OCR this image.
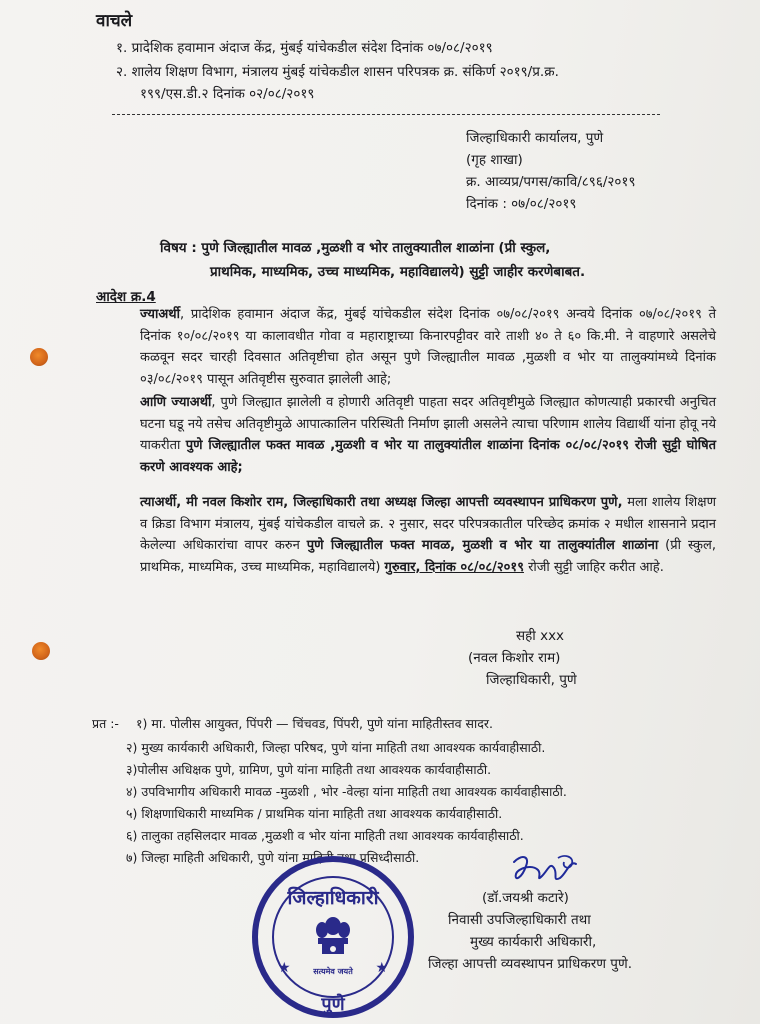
वाचले
१. प्रादेशिक हवामान अंदाज केंद्र, मुंबई यांचेकडील संदेश दिनांक ०७/०८/२०१९
२. शालेय शिक्षण विभाग, मंत्रालय मुंबई यांचेकडील शासन परिपत्रक क्र. संकिर्ण २०१९/प्र.क्र.
१९९/एस.डी.२ दिनांक ०२/०८/२०१९
जिल्हाधिकारी कार्यालय, पुणे
(गृह शाखा)
क्र. आव्यप्र/पगस/कावि/८९६/२०१९
दिनांक : ०७/०८/२०१९
विषय : पुणे जिल्ह्यातील मावळ ,मुळशी व भोर तालुक्यातील शाळांना (प्री स्कुल,
प्राथमिक, माध्यमिक, उच्च माध्यमिक, महाविद्यालये) सुट्टी जाहीर करणेबाबत.
आदेश क्र.4
ज्याअर्थी, प्रादेशिक हवामान अंदाज केंद्र, मुंबई यांचेकडील संदेश दिनांक ०७/०८/२०१९ अन्वये दिनांक ०७/०८/२०१९ ते दिनांक १०/०८/२०१९ या कालावधीत गोवा व महाराष्ट्राच्या किनारपट्टीवर वारे ताशी ४० ते ६० कि.मी. ने वाहणारे असलेचे कळवून सदर चारही दिवसात अतिवृष्टीचा होत असून पुणे जिल्ह्यातील मावळ ,मुळशी व भोर या तालुक्यांमध्ये दिनांक ०३/०८/२०१९ पासून अतिवृष्टीस सुरुवात झालेली आहे;
आणि ज्याअर्थी, पुणे जिल्ह्यात झालेली व होणारी अतिवृष्टी पाहता सदर अतिवृष्टीमुळे जिल्ह्यात कोणत्याही प्रकारची अनुचित घटना घडू नये तसेच अतिवृष्टीमुळे आपात्कालिन परिस्थिती निर्माण झाली असलेने त्याचा परिणाम शालेय विद्यार्थी यांना होवू नये याकरीता पुणे जिल्ह्यातील फक्त मावळ ,मुळशी व भोर या तालुक्यांतील शाळांना दिनांक ०८/०८/२०१९ रोजी सुट्टी घोषित करणे आवश्यक आहे;
त्याअर्थी, मी नवल किशोर राम, जिल्हाधिकारी तथा अध्यक्ष जिल्हा आपत्ती व्यवस्थापन प्राधिकरण पुणे, मला शालेय शिक्षण व क्रिडा विभाग मंत्रालय, मुंबई यांचेकडील वाचले क्र. २ नुसार, सदर परिपत्रकातील परिच्छेद क्रमांक २ मधील शासनाने प्रदान केलेल्या अधिकारांचा वापर करुन पुणे जिल्ह्यातील फक्त मावळ, मुळशी व भोर या तालुक्यांतील शाळांना (प्री स्कुल, प्राथमिक, माध्यमिक, उच्च माध्यमिक, महाविद्यालये) गुरुवार, दिनांक ०८/०८/२०१९ रोजी सुट्टी जाहिर करीत आहे.
सही xxx
(नवल किशोर राम)
जिल्हाधिकारी, पुणे
प्रत :- १) मा. पोलीस आयुक्त, पिंपरी — चिंचवड, पिंपरी, पुणे यांना माहितीस्तव सादर.
२) मुख्य कार्यकारी अधिकारी, जिल्हा परिषद, पुणे यांना माहिती तथा आवश्यक कार्यवाहीसाठी.
३)पोलीस अधिक्षक पुणे, ग्रामिण, पुणे यांना माहिती तथा आवश्यक कार्यवाहीसाठी.
४) उपविभागीय अधिकारी मावळ -मुळशी , भोर -वेल्हा यांना माहिती तथा आवश्यक कार्यवाहीसाठी.
५) शिक्षणाधिकारी माध्यमिक / प्राथमिक यांना माहिती तथा आवश्यक कार्यवाहीसाठी.
६) तालुका तहसिलदार मावळ ,मुळशी व भोर यांना माहिती तथा आवश्यक कार्यवाहीसाठी.
७) जिल्हा माहिती अधिकारी, पुणे यांना माहिती तथा प्रसिध्दीसाठी.
(डॉ.जयश्री कटारे)
निवासी उपजिल्हाधिकारी तथा
मुख्य कार्यकारी अधिकारी,
जिल्हा आपत्ती व्यवस्थापन प्राधिकरण पुणे.
जिल्हाधिकारी
★	★
सत्यमेव जयते
पुणे
